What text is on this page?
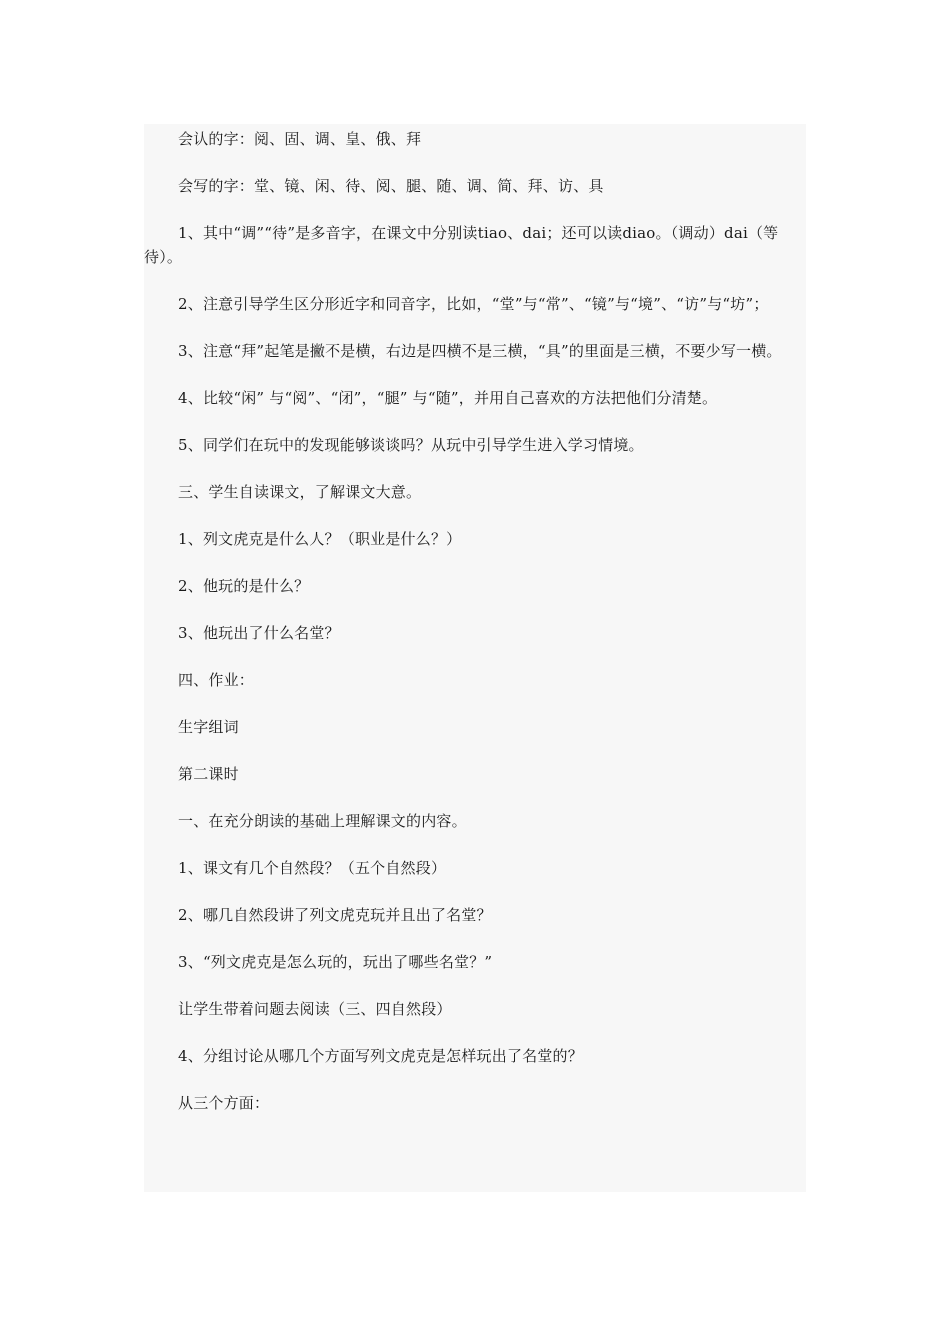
会认的字：阅、固、调、皇、俄、拜

会写的字：堂、镜、闲、待、阅、腿、随、调、简、拜、访、具

1、其中“调”“待”是多音字，在课文中分别读tiao、dai；还可以读diao。（调动）dai（等待）。

2、注意引导学生区分形近字和同音字，比如，“堂”与“常”、“镜”与“境”、“访”与“坊”；

3、注意“拜”起笔是撇不是横，右边是四横不是三横，“具”的里面是三横，不要少写一横。

4、比较“闲” 与“阅”、“闭”，“腿” 与“随”，并用自己喜欢的方法把他们分清楚。

5、同学们在玩中的发现能够谈谈吗？从玩中引导学生进入学习情境。

三、学生自读课文，了解课文大意。

1、列文虎克是什么人？（职业是什么？）

2、他玩的是什么？

3、他玩出了什么名堂？

四、作业：

生字组词

第二课时

一、在充分朗读的基础上理解课文的内容。

1、课文有几个自然段？（五个自然段）

2、哪几自然段讲了列文虎克玩并且出了名堂？

3、“列文虎克是怎么玩的，玩出了哪些名堂？”

让学生带着问题去阅读（三、四自然段）

4、分组讨论从哪几个方面写列文虎克是怎样玩出了名堂的？

从三个方面：
